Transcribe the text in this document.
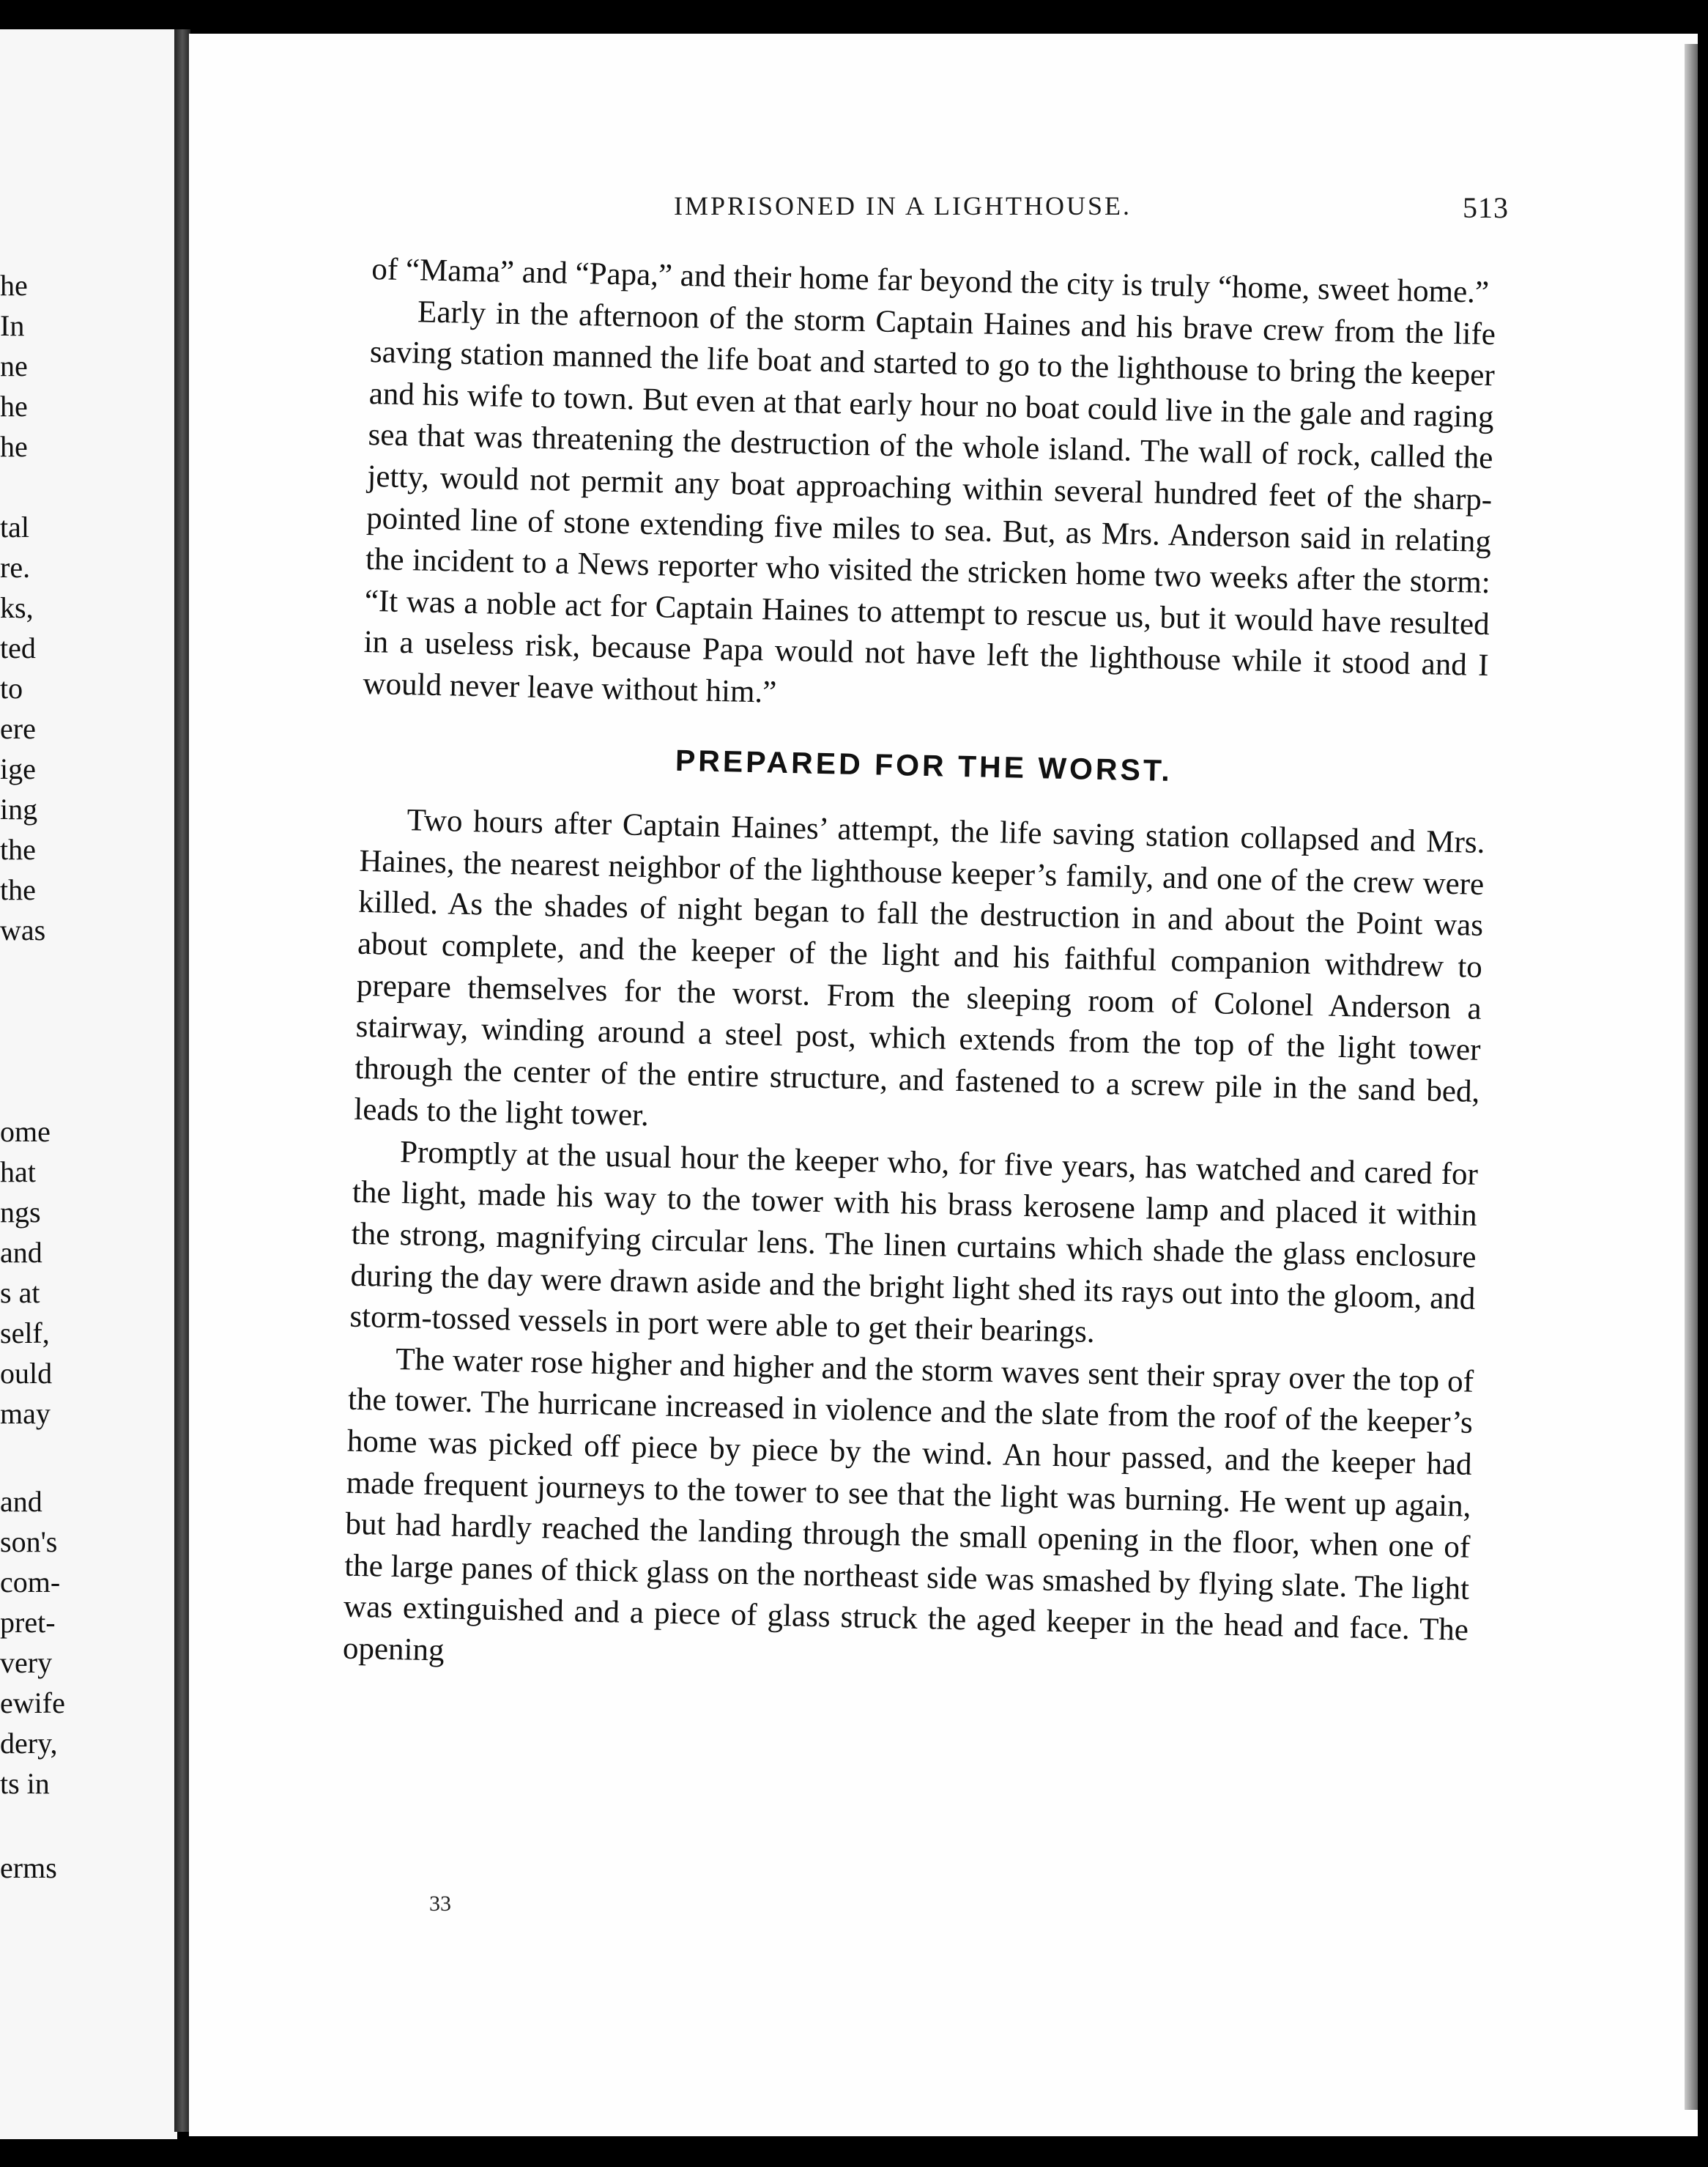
he
In
ne
he
he
tal
re.
ks,
ted
to
ere
ige
ing
the
the
was
ome
hat
ngs
and
s at
self,
ould
may
and
son's
com-
pret-
very
ewife
dery,
ts in
erms
IMPRISONED IN A LIGHTHOUSE.	513

of “Mama” and “Papa,” and their home far beyond the city is truly “home, sweet home.”

Early in the afternoon of the storm Captain Haines and his brave crew from the life saving station manned the life boat and started to go to the lighthouse to bring the keeper and his wife to town. But even at that early hour no boat could live in the gale and raging sea that was threatening the destruction of the whole island. The wall of rock, called the jetty, would not permit any boat approaching within several hundred feet of the sharp-pointed line of stone extending five miles to sea. But, as Mrs. Anderson said in relating the incident to a News reporter who visited the stricken home two weeks after the storm: “It was a noble act for Captain Haines to attempt to rescue us, but it would have resulted in a useless risk, because Papa would not have left the lighthouse while it stood and I would never leave without him.”

PREPARED FOR THE WORST.

Two hours after Captain Haines’ attempt, the life saving station collapsed and Mrs. Haines, the nearest neighbor of the lighthouse keeper’s family, and one of the crew were killed. As the shades of night began to fall the destruction in and about the Point was about complete, and the keeper of the light and his faithful companion withdrew to prepare themselves for the worst. From the sleeping room of Colonel Anderson a stairway, winding around a steel post, which extends from the top of the light tower through the center of the entire structure, and fastened to a screw pile in the sand bed, leads to the light tower.

Promptly at the usual hour the keeper who, for five years, has watched and cared for the light, made his way to the tower with his brass kerosene lamp and placed it within the strong, magnifying circular lens. The linen curtains which shade the glass enclosure during the day were drawn aside and the bright light shed its rays out into the gloom, and storm-tossed vessels in port were able to get their bearings.

The water rose higher and higher and the storm waves sent their spray over the top of the tower. The hurricane increased in violence and the slate from the roof of the keeper’s home was picked off piece by piece by the wind. An hour passed, and the keeper had made frequent journeys to the tower to see that the light was burning. He went up again, but had hardly reached the landing through the small opening in the floor, when one of the large panes of thick glass on the northeast side was smashed by flying slate. The light was extinguished and a piece of glass struck the aged keeper in the head and face. The opening

33
